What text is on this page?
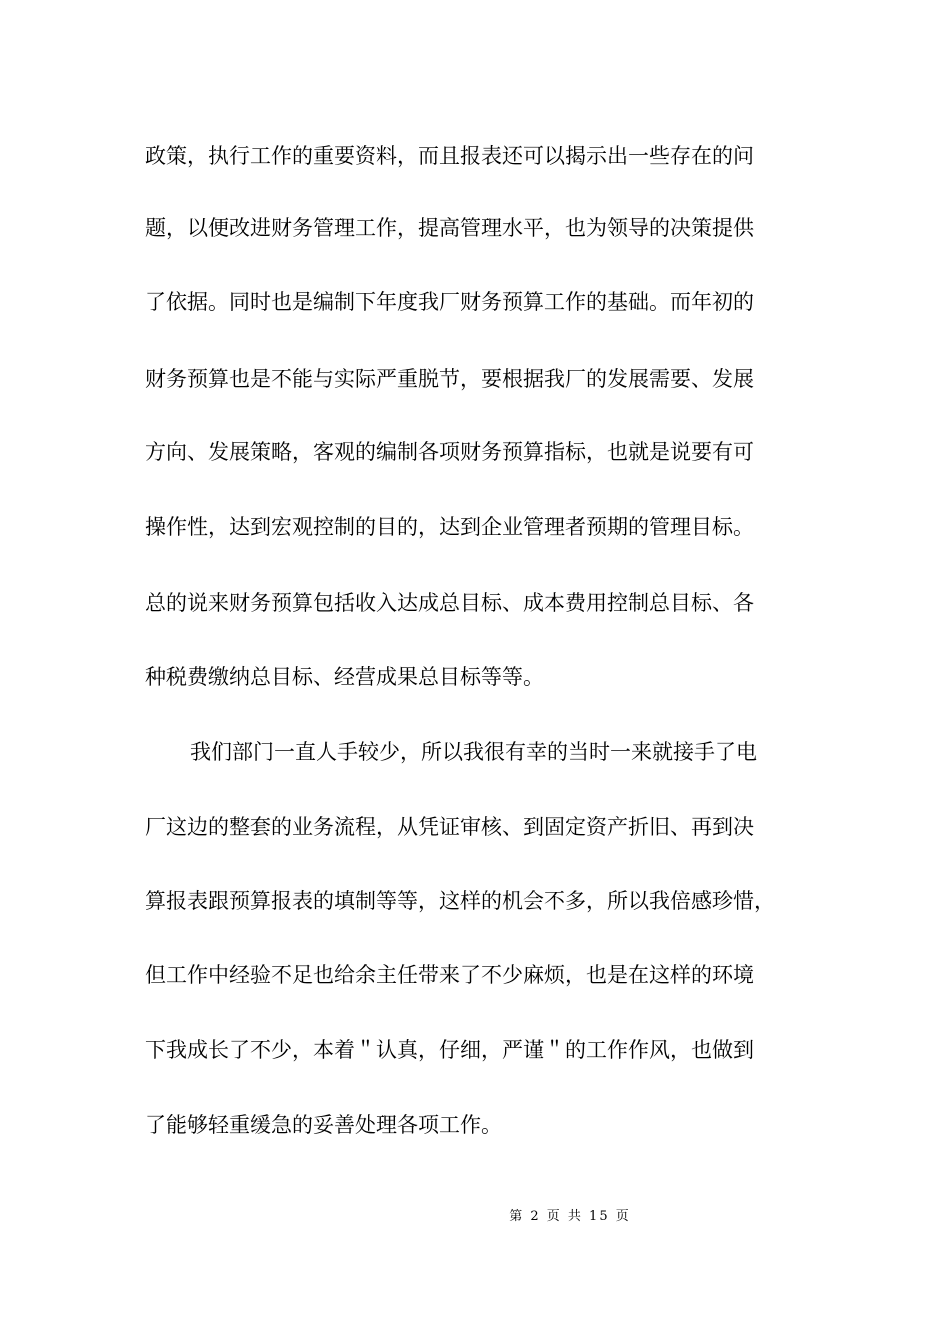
政策，执行工作的重要资料，而且报表还可以揭示出一些存在的问
题，以便改进财务管理工作，提高管理水平，也为领导的决策提供
了依据。同时也是编制下年度我厂财务预算工作的基础。而年初的
财务预算也是不能与实际严重脱节，要根据我厂的发展需要、发展
方向、发展策略，客观的编制各项财务预算指标，也就是说要有可
操作性，达到宏观控制的目的，达到企业管理者预期的管理目标。
总的说来财务预算包括收入达成总目标、成本费用控制总目标、各
种税费缴纳总目标、经营成果总目标等等。
我们部门一直人手较少，所以我很有幸的当时一来就接手了电
厂这边的整套的业务流程，从凭证审核、到固定资产折旧、再到决
算报表跟预算报表的填制等等，这样的机会不多，所以我倍感珍惜，
但工作中经验不足也给余主任带来了不少麻烦，也是在这样的环境
下我成长了不少，本着＂认真，仔细，严谨＂的工作作风，也做到
了能够轻重缓急的妥善处理各项工作。
第 2 页 共 15 页
